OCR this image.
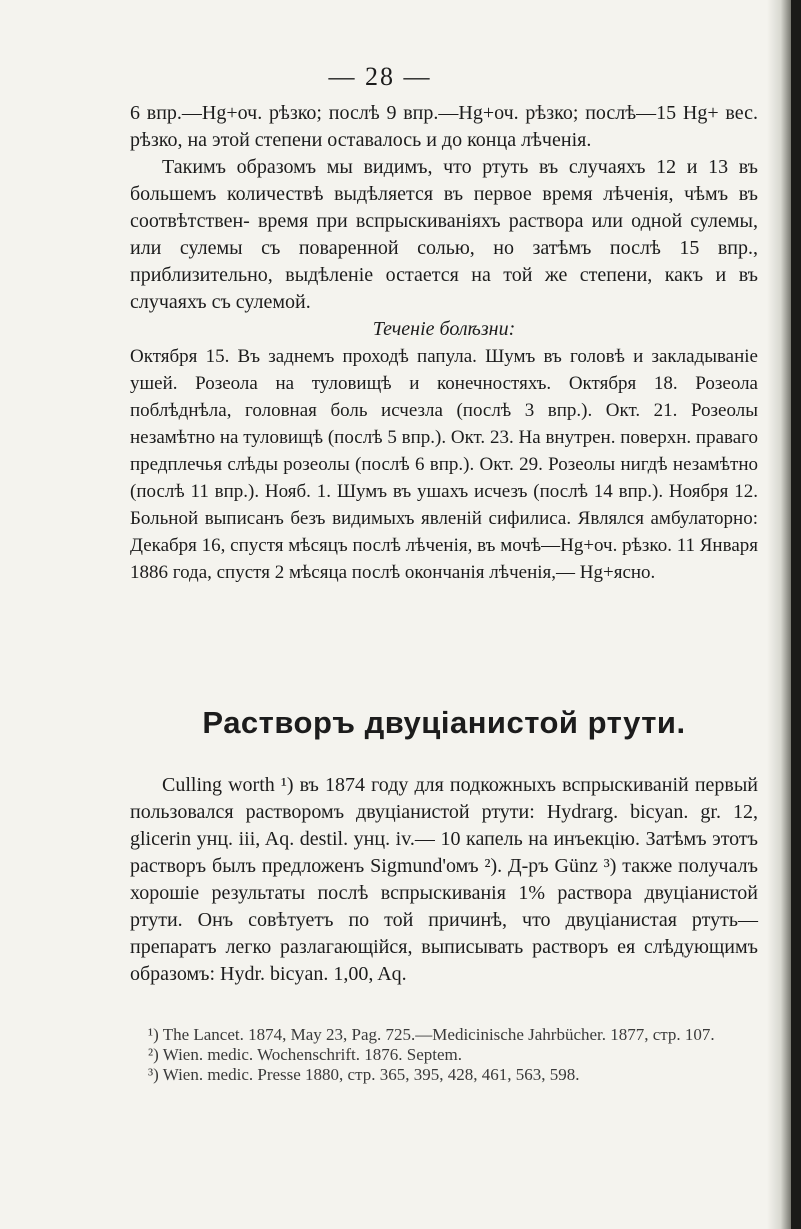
— 28 —

6 впр.—Hg+оч. рѣзко; послѣ 9 впр.—Hg+оч. рѣзко; послѣ—15 Hg+ вес. рѣзко, на этой степени оставалось и до конца лѣченія.

Такимъ образомъ мы видимъ, что ртуть въ случаяхъ 12 и 13 въ большемъ количествѣ выдѣляется въ первое время лѣченія, чѣмъ въ соотвѣтствен- время при вспрыскиваніяхъ раствора или одной сулемы, или сулемы съ поваренной солью, но затѣмъ послѣ 15 впр., приблизительно, выдѣленіе остается на той же степени, какъ и въ случаяхъ съ сулемой.

Теченіе болѣзни:

Октября 15. Въ заднемъ проходѣ папула. Шумъ въ головѣ и закладываніе ушей. Розеола на туловищѣ и конечностяхъ. Октября 18. Розеола поблѣднѣла, головная боль исчезла (послѣ 3 впр.). Окт. 21. Розеолы незамѣтно на туловищѣ (послѣ 5 впр.). Окт. 23. На внутрен. поверхн. праваго предплечья слѣды розеолы (послѣ 6 впр.). Окт. 29. Розеолы нигдѣ незамѣтно (послѣ 11 впр.). Нояб. 1. Шумъ въ ушахъ исчезъ (послѣ 14 впр.). Ноября 12. Больной выписанъ безъ видимыхъ явленій сифилиса. Являлся амбулаторно: Декабря 16, спустя мѣсяцъ послѣ лѣченія, въ мочѣ—Hg+оч. рѣзко. 11 Января 1886 года, спустя 2 мѣсяца послѣ окончанія лѣченія,— Hg+ясно.

Растворъ двуціанистой ртути.

Culling worth ¹) въ 1874 году для подкожныхъ вспрыскиваній первый пользовался растворомъ двуціанистой ртути: Hydrarg. bicyan. gr. 12, glicerin унц. iii, Aq. destil. унц. iv.— 10 капель на инъекцію. Затѣмъ этотъ растворъ былъ предложенъ Sigmund'омъ ²). Д-ръ Günz ³) также получалъ хорошіе результаты послѣ вспрыскиванія 1% раствора двуціанистой ртути. Онъ совѣтуетъ по той причинѣ, что двуціанистая ртуть—препаратъ легко разлагающійся, выписывать растворъ ея слѣдующимъ образомъ: Hydr. bicyan. 1,00, Aq.

¹) The Lancet. 1874, May 23, Pag. 725.—Medicinische Jahrbücher. 1877, стр. 107.

²) Wien. medic. Wochenschrift. 1876. Septem.

³) Wien. medic. Presse 1880, стр. 365, 395, 428, 461, 563, 598.
